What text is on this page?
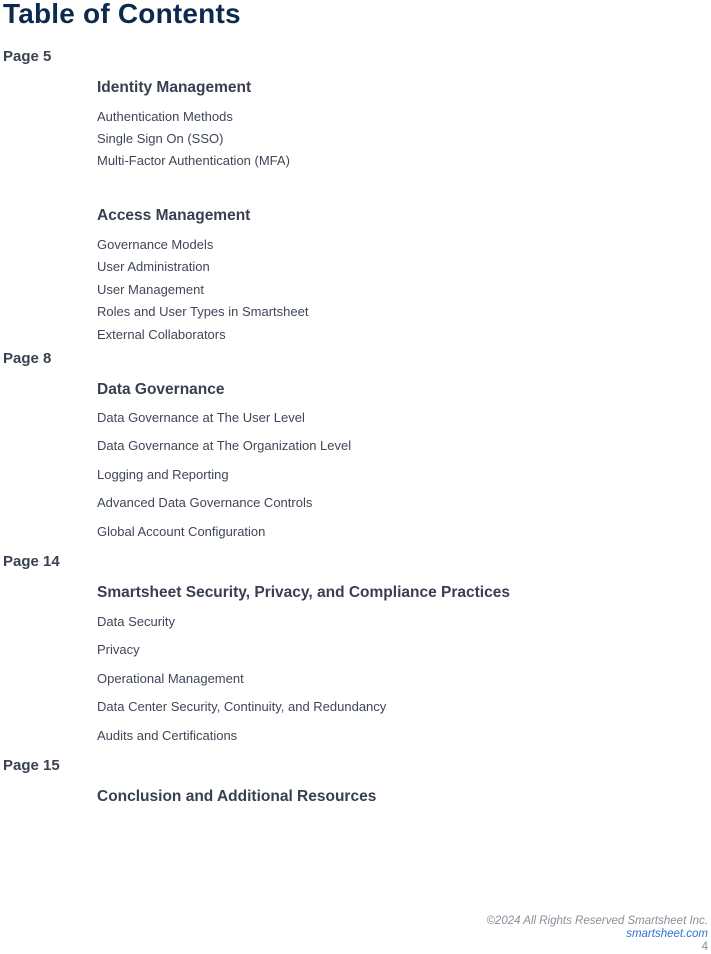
Table of Contents
Page 5
Identity Management
Authentication Methods
Single Sign On (SSO)
Multi-Factor Authentication (MFA)
Access Management
Governance Models
User Administration
User Management
Roles and User Types in Smartsheet
External Collaborators
Page 8
Data Governance
Data Governance at The User Level
Data Governance at The Organization Level
Logging and Reporting
Advanced Data Governance Controls
Global Account Configuration
Page 14
Smartsheet Security, Privacy, and Compliance Practices
Data Security
Privacy
Operational Management
Data Center Security, Continuity, and Redundancy
Audits and Certifications
Page 15
Conclusion and Additional Resources
©2024 All Rights Reserved Smartsheet Inc.
smartsheet.com
4
